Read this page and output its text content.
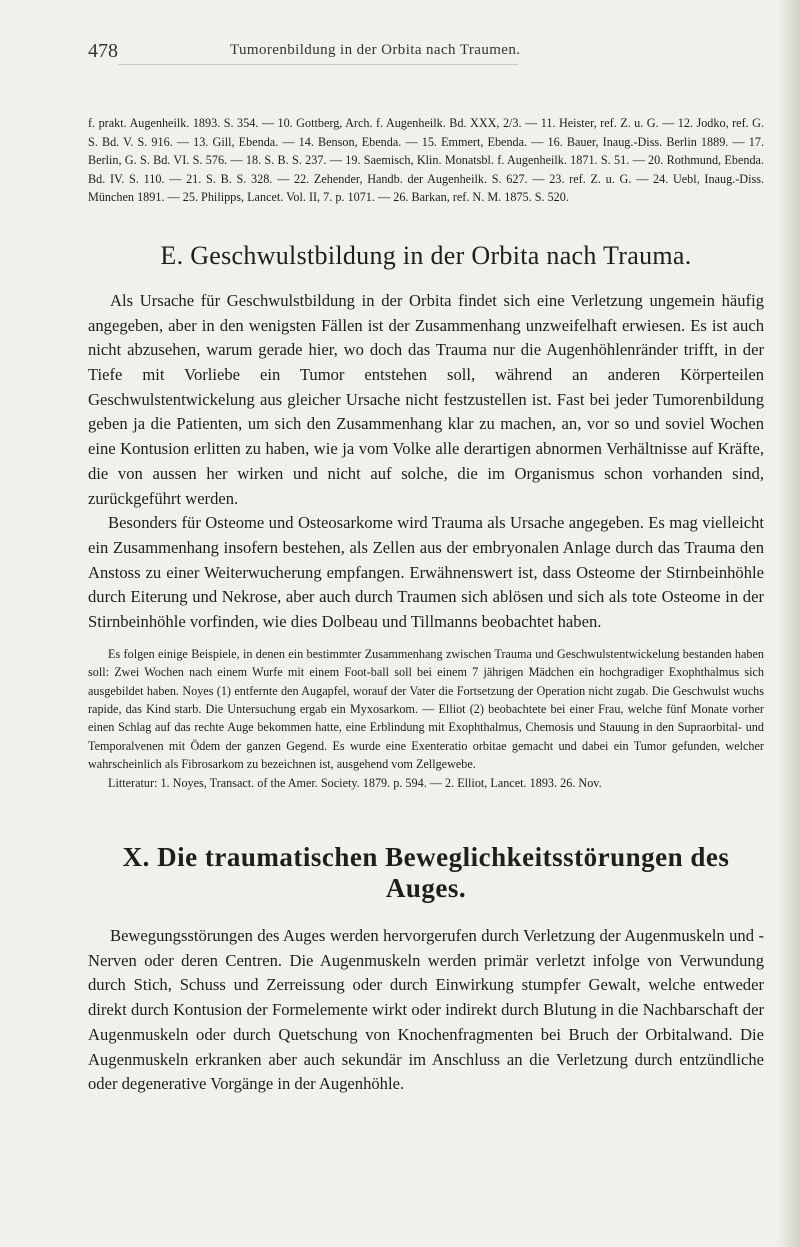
478	Tumorenbildung in der Orbita nach Traumen.

f. prakt. Augenheilk. 1893. S. 354. — 10. Gottberg, Arch. f. Augenheilk. Bd. XXX, 2/3. — 11. Heister, ref. Z. u. G. — 12. Jodko, ref. G. S. Bd. V. S. 916. — 13. Gill, Ebenda. — 14. Benson, Ebenda. — 15. Emmert, Ebenda. — 16. Bauer, Inaug.-Diss. Berlin 1889. — 17. Berlin, G. S. Bd. VI. S. 576. — 18. S. B. S. 237. — 19. Saemisch, Klin. Monatsbl. f. Augenheilk. 1871. S. 51. — 20. Rothmund, Ebenda. Bd. IV. S. 110. — 21. S. B. S. 328. — 22. Zehender, Handb. der Augenheilk. S. 627. — 23. ref. Z. u. G. — 24. Uebl, Inaug.-Diss. München 1891. — 25. Philipps, Lancet. Vol. II, 7. p. 1071. — 26. Barkan, ref. N. M. 1875. S. 520.

E. Geschwulstbildung in der Orbita nach Trauma.

Als Ursache für Geschwulstbildung in der Orbita findet sich eine Verletzung ungemein häufig angegeben, aber in den wenigsten Fällen ist der Zusammenhang unzweifelhaft erwiesen. Es ist auch nicht abzusehen, warum gerade hier, wo doch das Trauma nur die Augenhöhlenränder trifft, in der Tiefe mit Vorliebe ein Tumor entstehen soll, während an anderen Körperteilen Geschwulstentwickelung aus gleicher Ursache nicht festzustellen ist. Fast bei jeder Tumorenbildung geben ja die Patienten, um sich den Zusammenhang klar zu machen, an, vor so und soviel Wochen eine Kontusion erlitten zu haben, wie ja vom Volke alle derartigen abnormen Verhältnisse auf Kräfte, die von aussen her wirken und nicht auf solche, die im Organismus schon vorhanden sind, zurückgeführt werden.

Besonders für Osteome und Osteosarkome wird Trauma als Ursache angegeben. Es mag vielleicht ein Zusammenhang insofern bestehen, als Zellen aus der embryonalen Anlage durch das Trauma den Anstoss zu einer Weiterwucherung empfangen. Erwähnenswert ist, dass Osteome der Stirnbeinhöhle durch Eiterung und Nekrose, aber auch durch Traumen sich ablösen und sich als tote Osteome in der Stirnbeinhöhle vorfinden, wie dies Dolbeau und Tillmanns beobachtet haben.

Es folgen einige Beispiele, in denen ein bestimmter Zusammenhang zwischen Trauma und Geschwulstentwickelung bestanden haben soll: Zwei Wochen nach einem Wurfe mit einem Foot-ball soll bei einem 7 jährigen Mädchen ein hochgradiger Exophthalmus sich ausgebildet haben. Noyes (1) entfernte den Augapfel, worauf der Vater die Fortsetzung der Operation nicht zugab. Die Geschwulst wuchs rapide, das Kind starb. Die Untersuchung ergab ein Myxosarkom. — Elliot (2) beobachtete bei einer Frau, welche fünf Monate vorher einen Schlag auf das rechte Auge bekommen hatte, eine Erblindung mit Exophthalmus, Chemosis und Stauung in den Supraorbital- und Temporalvenen mit Ödem der ganzen Gegend. Es wurde eine Exenteratio orbitae gemacht und dabei ein Tumor gefunden, welcher wahrscheinlich als Fibrosarkom zu bezeichnen ist, ausgehend vom Zellgewebe.

Litteratur: 1. Noyes, Transact. of the Amer. Society. 1879. p. 594. — 2. Elliot, Lancet. 1893. 26. Nov.

X. Die traumatischen Beweglichkeitsstörungen des Auges.

Bewegungsstörungen des Auges werden hervorgerufen durch Verletzung der Augenmuskeln und -Nerven oder deren Centren. Die Augenmuskeln werden primär verletzt infolge von Verwundung durch Stich, Schuss und Zerreissung oder durch Einwirkung stumpfer Gewalt, welche entweder direkt durch Kontusion der Formelemente wirkt oder indirekt durch Blutung in die Nachbarschaft der Augenmuskeln oder durch Quetschung von Knochenfragmenten bei Bruch der Orbitalwand. Die Augenmuskeln erkranken aber auch sekundär im Anschluss an die Verletzung durch entzündliche oder degenerative Vorgänge in der Augenhöhle.
